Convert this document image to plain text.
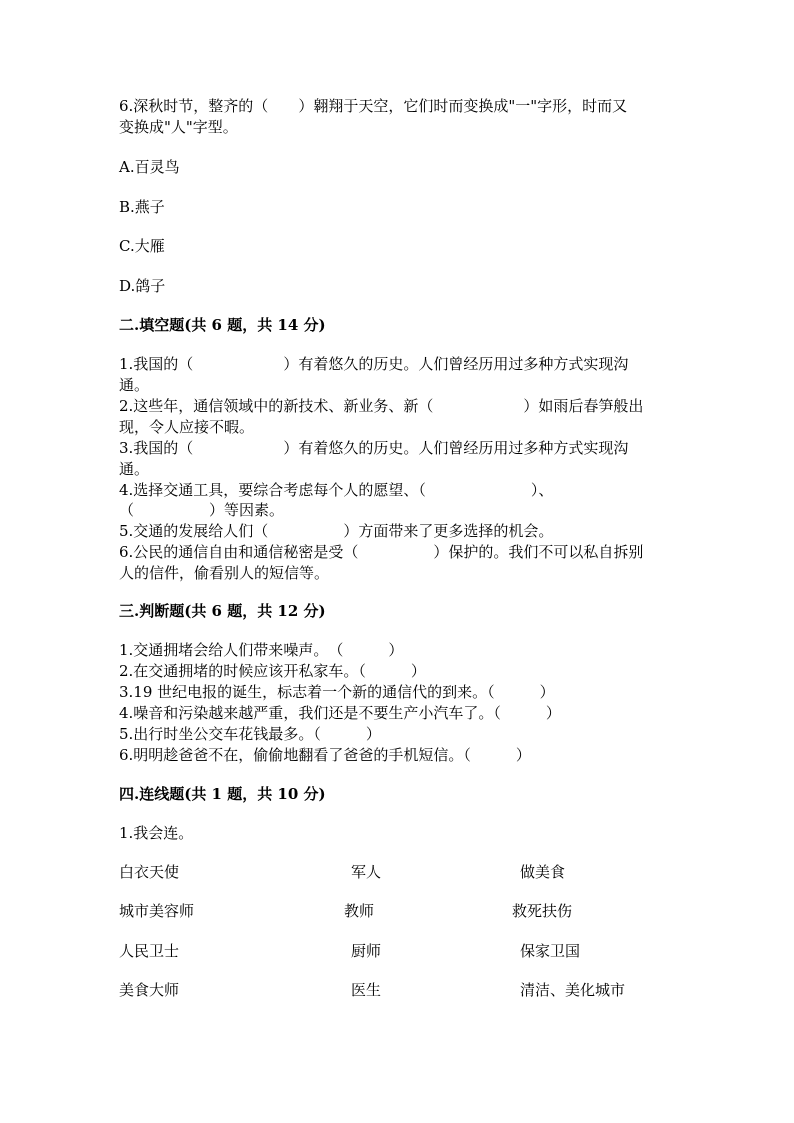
6.深秋时节，整齐的（　　）翱翔于天空，它们时而变换成"一"字形，时而又
变换成"人"字型。
A.百灵鸟
B.燕子
C.大雁
D.鸽子
二.填空题(共 6 题，共 14 分)
1.我国的（　　　　　　）有着悠久的历史。人们曾经历用过多种方式实现沟
通。
2.这些年，通信领域中的新技术、新业务、新（　　　　　　）如雨后春笋般出
现，令人应接不暇。
3.我国的（　　　　　　）有着悠久的历史。人们曾经历用过多种方式实现沟
通。
4.选择交通工具，要综合考虑每个人的愿望、（　　　　　　　）、
（　　　　　）等因素。
5.交通的发展给人们（　　　　　）方面带来了更多选择的机会。
6.公民的通信自由和通信秘密是受（　　　　　）保护的。我们不可以私自拆别
人的信件，偷看别人的短信等。
三.判断题(共 6 题，共 12 分)
1.交通拥堵会给人们带来噪声。　（　　　）
2.在交通拥堵的时候应该开私家车。（　　　）
3.19 世纪电报的诞生，标志着一个新的通信代的到来。（　　　）
4.噪音和污染越来越严重，我们还是不要生产小汽车了。（　　　）
5.出行时坐公交车花钱最多。（　　　）
6.明明趁爸爸不在，偷偷地翻看了爸爸的手机短信。（　　　）
四.连线题(共 1 题，共 10 分)
1.我会连。
白衣天使	军人	做美食
城市美容师	教师	救死扶伤
人民卫士	厨师	保家卫国
美食大师	医生	清洁、美化城市
